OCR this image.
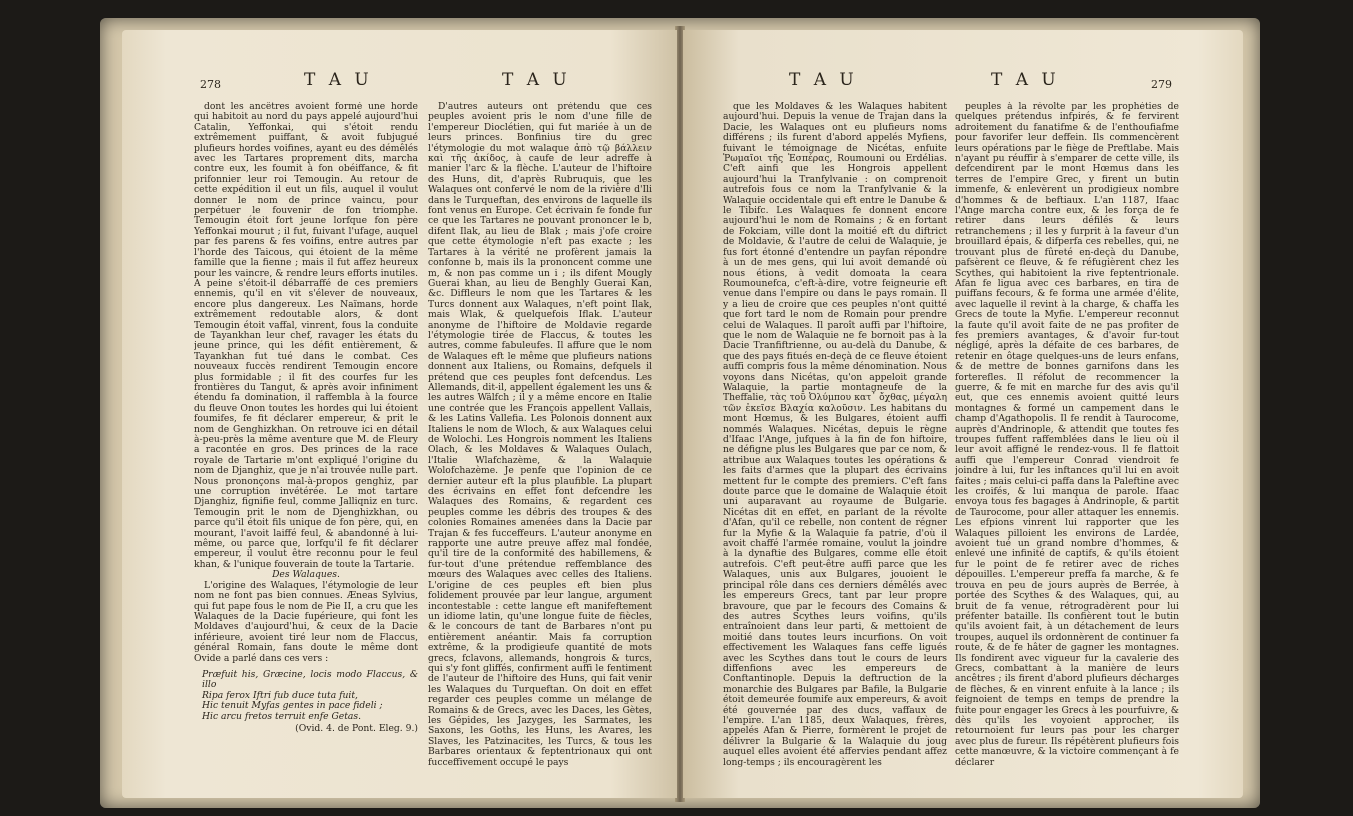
278	T A U	T A U

dont les ancêtres avoient formé une horde qui habitoit au nord du pays appelé aujourd'hui Catalin, Yeffonkai, qui s'étoit rendu extrêmement puiffant, & avoit fubjugué plufieurs hordes voifines, ayant eu des démêlés avec les Tartares proprement dits, marcha contre eux, les foumit à fon obéiffance, & fit prifonnier leur roi Temougin. Au retour de cette expédition il eut un fils, auquel il voulut donner le nom de prince vaincu, pour perpétuer le fouvenir de fon triomphe. Temougin étoit fort jeune lorfque fon père Yeffonkai mourut ; il fut, fuivant l'ufage, auquel par fes parens & fes voifins, entre autres par l'horde des Taicous, qui étoient de la même famille que la fienne ; mais il fut affez heureux pour les vaincre, & rendre leurs efforts inutiles. A peine s'étoit-il débarraffé de ces premiers ennemis, qu'il en vit s'élever de nouveaux, encore plus dangereux. Les Naïmans, horde extrêmement redoutable alors, & dont Temougin étoit vaffal, vinrent, fous la conduite de Tayankhan leur chef, ravager les états du jeune prince, qui les défit entièrement, & Tayankhan fut tué dans le combat. Ces nouveaux fuccès rendirent Temougin encore plus formidable ; il fit des courfes fur les frontières du Tangut, & après avoir infiniment étendu fa domination, il raffembla à la fource du fleuve Onon toutes les hordes qui lui étoient foumifes, fe fit déclarer empereur, & prit le nom de Genghizkhan. On retrouve ici en détail à-peu-près la même aventure que M. de Fleury a racontée en gros. Des princes de la race royale de Tartarie m'ont expliqué l'origine du nom de Djanghiz, que je n'ai trouvée nulle part. Nous prononçons mal-à-propos genghiz, par une corruption invétérée. Le mot tartare Djanghiz, fignifie feul, comme Jalliqniz en turc. Temougin prit le nom de Djenghizkhan, ou parce qu'il étoit fils unique de fon père, qui, en mourant, l'avoit laiffé feul, & abandonné à lui-même, ou parce que, lorfqu'il fe fit déclarer empereur, il voulut être reconnu pour le feul khan, & l'unique fouverain de toute la Tartarie.

Des Walaques.

L'origine des Walaques, l'étymologie de leur nom ne font pas bien connues. Æneas Sylvius, qui fut pape fous le nom de Pie II, a cru que les Walaques de la Dacie fupérieure, qui font les Moldaves d'aujourd'hui, & ceux de la Dacie inférieure, avoient tiré leur nom de Flaccus, général Romain, fans doute le même dont Ovide a parlé dans ces vers :

Præfuit his, Græcine, locis modo Flaccus, & illo
Ripa ferox Iftri fub duce tuta fuit,
Hic tenuit Myfas gentes in pace fideli ;
Hic arcu fretos terruit enfe Getas.

(Ovid. 4. de Pont. Eleg. 9.)

D'autres auteurs ont prétendu que ces peuples avoient pris le nom d'une fille de l'empereur Dioclétien, qui fut mariée à un de leurs princes. Bonfinius tire du grec l'étymologie du mot walaque ἀπὸ τῷ βάλλειν καὶ τῆς ἀκίδος, à caufe de leur adreffe à manier l'arc & la flèche. L'auteur de l'hiftoire des Huns, dit, d'après Rubruquis, que les Walaques ont confervé le nom de la rivière d'Ili dans le Turqueftan, des environs de laquelle ils font venus en Europe. Cet écrivain fe fonde fur ce que les Tartares ne pouvant prononcer le b, difent Ilak, au lieu de Blak ; mais j'ofe croire que cette étymologie n'eft pas exacte ; les Tartares à la vérité ne profèrent jamais la confonne b, mais ils la prononcent comme une m, & non pas comme un i ; ils difent Mougly Guerai khan, au lieu de Benghly Guerai Kan, &c. Diffleurs le nom que les Tartares & les Turcs donnent aux Walaques, n'eft point Ilak, mais Wlak, & quelquefois Iflak. L'auteur anonyme de l'hiftoire de Moldavie regarde l'étymologie tirée de Flaccus, & toutes les autres, comme fabuleufes. Il affure que le nom de Walaques eft le même que plufieurs nations donnent aux Italiens, ou Romains, defquels il prétend que ces peuples font defcendus. Les Allemands, dit-il, appellent également les uns & les autres Wälfch ; il y a même encore en Italie une contrée que les François appellent Vallais, & les Latins Vallefia. Les Polonois donnent aux Italiens le nom de Wloch, & aux Walaques celui de Wolochi. Les Hongrois nomment les Italiens Olach, & les Moldaves & Walaques Oulach, l'Italie Wlafchazème, & la Walaquie Wolofchazème. Je penfe que l'opinion de ce dernier auteur eft la plus plaufible. La plupart des écrivains en effet font defcendre les Walaques des Romains, & regardent ces peuples comme les débris des troupes & des colonies Romaines amenées dans la Dacie par Trajan & fes fucceffeurs. L'auteur anonyme en rapporte une autre preuve affez mal fondée, qu'il tire de la conformité des habillemens, & fur-tout d'une prétendue reffemblance des mœurs des Walaques avec celles des Italiens. L'origine de ces peuples eft bien plus folidement prouvée par leur langue, argument incontestable : cette langue eft manifeftement un idiome latin, qu'une longue fuite de fiècles, & le concours de tant de Barbares n'ont pu entièrement anéantir. Mais fa corruption extrême, & la prodigieufe quantité de mots grecs, fclavons, allemands, hongrois & turcs, qui s'y font gliffés, confirment auffi le fentiment de l'auteur de l'hiftoire des Huns, qui fait venir les Walaques du Turqueftan. On doit en effet regarder ces peuples comme un mélange de Romains & de Grecs, avec les Daces, les Gètes, les Gépides, les Jazyges, les Sarmates, les Saxons, les Goths, les Huns, les Avares, les Slaves, les Patzinacites, les Turcs, & tous les Barbares orientaux & feptentrionaux qui ont fucceffivement occupé le pays

T A U	T A U	279

que les Moldaves & les Walaques habitent aujourd'hui. Depuis la venue de Trajan dans la Dacie, les Walaques ont eu plufieurs noms différens ; ils furent d'abord appelés Myfiens, fuivant le témoignage de Nicétas, enfuite Ῥωμαῖοι τῆς Ἑσπέρας, Roumouni ou Erdélias. C'eft ainfi que les Hongrois appellent aujourd'hui la Tranfylvanie : on comprenoit autrefois fous ce nom la Tranfylvanie & la Walaquie occidentale qui eft entre le Danube & le Tibifc. Les Walaques fe donnent encore aujourd'hui le nom de Romains ; & en fortant de Fokciam, ville dont la moitié eft du diftrict de Moldavie, & l'autre de celui de Walaquie, je fus fort étonné d'entendre un payfan répondre à un de mes gens, qui lui avoit demandé où nous étions, à vedit domoata la ceara Roumounefca, c'eft-à-dire, votre feigneurie eft venue dans l'empire ou dans le pays romain. Il y a lieu de croire que ces peuples n'ont quitté que fort tard le nom de Romain pour prendre celui de Walaques. Il paroît auffi par l'hiftoire, que le nom de Walaquie ne fe bornoit pas à la Dacie Tranfiftrienne, ou au-delà du Danube, & que des pays fitués en-deçà de ce fleuve étoient auffi compris fous la même dénomination. Nous voyons dans Nicétas, qu'on appeloit grande Walaquie, la partie montagneufe de la Theffalie, τὰς τοῦ Ὀλύμπου κατ᾽ ὄχθας, μέγαλη τῶν ἐκεῖσε Βλαχία καλοῦσιν. Les habitans du mont Hœmus, & les Bulgares, étoient auffi nommés Walaques. Nicétas, depuis le règne d'Ifaac l'Ange, jufques à la fin de fon hiftoire, ne défigne plus les Bulgares que par ce nom, & attribue aux Walaques toutes les opérations & les faits d'armes que la plupart des écrivains mettent fur le compte des premiers. C'eft fans doute parce que le domaine de Walaquie étoit uni auparavant au royaume de Bulgarie. Nicétas dit en effet, en parlant de la révolte d'Afan, qu'il ce rebelle, non content de régner fur la Myfie & la Walaquie fa patrie, d'où il avoit chaffé l'armée romaine, voulut la joindre à la dynaftie des Bulgares, comme elle étoit autrefois. C'eft peut-être auffi parce que les Walaques, unis aux Bulgares, jouoient le principal rôle dans ces derniers démêlés avec les empereurs Grecs, tant par leur propre bravoure, que par le fecours des Comains & des autres Scythes leurs voifins, qu'ils entraînoient dans leur parti, & mettoient de moitié dans toutes leurs incurfions. On voit effectivement les Walaques fans ceffe ligués avec les Scythes dans tout le cours de leurs diffenfions avec les empereurs de Conftantinople. Depuis la deftruction de la monarchie des Bulgares par Bafile, la Bulgarie étoit demeurée foumife aux empereurs, & avoit été gouvernée par des ducs, vaffaux de l'empire. L'an 1185, deux Walaques, frères, appelés Afan & Pierre, formèrent le projet de délivrer la Bulgarie & la Walaquie du joug auquel elles avoient été affervies pendant affez long-temps ; ils encouragèrent les

peuples à la révolte par les prophéties de quelques prétendus infpirés, & fe fervirent adroitement du fanatifme & de l'enthoufiafme pour favorifer leur deffein. Ils commencèrent leurs opérations par le fiège de Preftlabe. Mais n'ayant pu réuffir à s'emparer de cette ville, ils defcendirent par le mont Hœmus dans les terres de l'empire Grec, y firent un butin immenfe, & enlevèrent un prodigieux nombre d'hommes & de beftiaux. L'an 1187, Ifaac l'Ange marcha contre eux, & les força de fe retirer dans leurs défilés & leurs retranchemens ; il les y furprit à la faveur d'un brouillard épais, & difperfa ces rebelles, qui, ne trouvant plus de fûreté en-deçà du Danube, pafsèrent ce fleuve, & fe réfugièrent chez les Scythes, qui habitoient la rive feptentrionale. Afan fe ligua avec ces barbares, en tira de puiffans fecours, & fe forma une armée d'élite, avec laquelle il revint à la charge, & chaffa les Grecs de toute la Myfie. L'empereur reconnut la faute qu'il avoit faite de ne pas profiter de fes premiers avantages, & d'avoir fur-tout négligé, après la défaite de ces barbares, de retenir en ôtage quelques-uns de leurs enfans, & de mettre de bonnes garnifons dans les forterefles. Il réfolut de recommencer la guerre, & fe mit en marche fur des avis qu'il eut, que ces ennemis avoient quitté leurs montagnes & formé un campement dans le champ d'Agathopolis. Il fe rendit à Taurocome, auprès d'Andrinople, & attendit que toutes fes troupes fuffent raffemblées dans le lieu où il leur avoit affigné le rendez-vous. Il fe flattoit auffi que l'empereur Conrad viendroit fe joindre à lui, fur les inftances qu'il lui en avoit faites ; mais celui-ci paffa dans la Paleftine avec les croifés, & lui manqua de parole. Ifaac envoya tous fes bagages à Andrinople, & partit de Taurocome, pour aller attaquer les ennemis. Les efpions vinrent lui rapporter que les Walaques pilloient les environs de Lardée, avoient tué un grand nombre d'hommes, & enlevé une infinité de captifs, & qu'ils étoient fur le point de fe retirer avec de riches dépouilles. L'empereur preffa fa marche, & fe trouva en peu de jours auprès de Berrée, à portée des Scythes & des Walaques, qui, au bruit de fa venue, rétrogradèrent pour lui préfenter bataille. Ils confièrent tout le butin qu'ils avoient fait, à un détachement de leurs troupes, auquel ils ordonnèrent de continuer fa route, & de fe hâter de gagner les montagnes. Ils fondirent avec vigueur fur la cavalerie des Grecs, combattant à la manière de leurs ancêtres ; ils firent d'abord plufieurs décharges de flèches, & en vinrent enfuite à la lance ; ils feignoient de temps en temps de prendre la fuite pour engager les Grecs à les pourfuivre, & dès qu'ils les voyoient approcher, ils retournoient fur leurs pas pour les charger avec plus de fureur. Ils répétèrent plufieurs fois cette manœuvre, & la victoire commençant à fe déclarer
